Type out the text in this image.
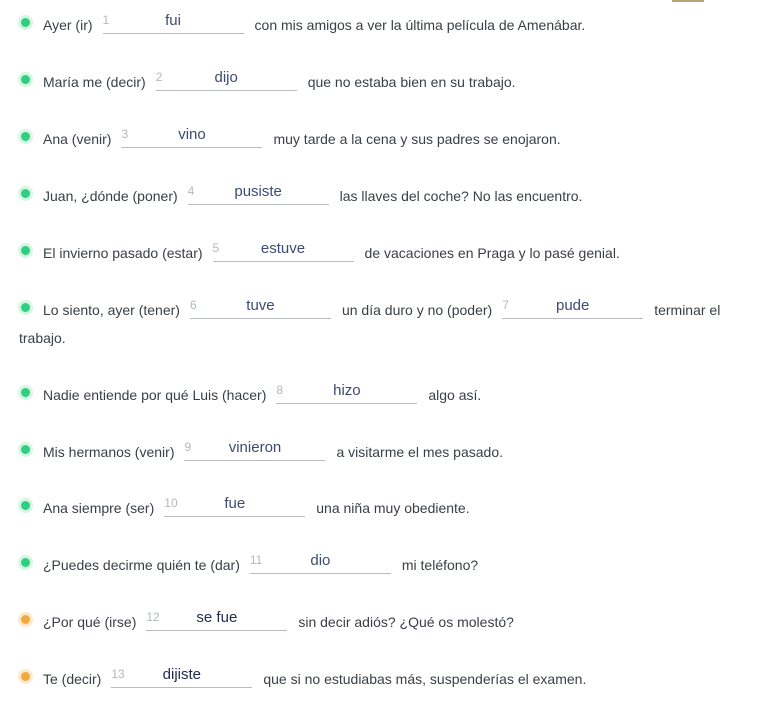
Ayer (ir) 1	fui	con mis amigos a ver la última película de Amenábar.
María me (decir) 2	dijo	que no estaba bien en su trabajo.
Ana (venir) 3	vino	muy tarde a la cena y sus padres se enojaron.
Juan, ¿dónde (poner) 4	pusiste	las llaves del coche? No las encuentro.
El invierno pasado (estar) 5	estuve	de vacaciones en Praga y lo pasé genial.
Lo siento, ayer (tener) 6	tuve	un día duro y no (poder) 7	pude	terminar el
trabajo.
Nadie entiende por qué Luis (hacer) 8	hizo	algo así.
Mis hermanos (venir) 9	vinieron	a visitarme el mes pasado.
Ana siempre (ser) 10	fue	una niña muy obediente.
¿Puedes decirme quién te (dar) 11	dio	mi teléfono?
¿Por qué (irse) 12	se fue	sin decir adiós? ¿Qué os molestó?
Te (decir) 13	dijiste	que si no estudiabas más, suspenderías el examen.
